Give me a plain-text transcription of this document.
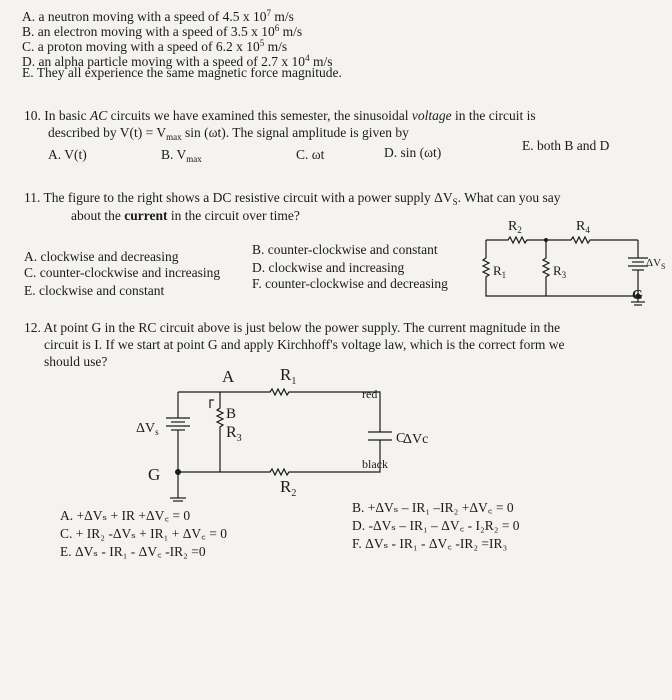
A. a neutron moving with a speed of 4.5 x $10^7$ m/s
B. an electron moving with a speed of 3.5 x $10^6$ m/s
C. a proton moving with a speed of 6.2 x $10^5$ m/s
D. an alpha particle moving with a speed of 2.7 x $10^4$ m/s
E. They all experience the same magnetic force magnitude.
10. In basic AC circuits we have examined this semester, the sinusoidal voltage in the circuit is
described by $V(t) = V_{max}$ sin (ωt). The signal amplitude is given by
A. V(t)	B. $V_{max}$	C. ωt	D. sin (ωt)	E. both B and D
11. The figure to the right shows a DC resistive circuit with a power supply $\Delta V_S$. What can you say
about the current in the circuit over time?
A. clockwise and decreasing	B. counter-clockwise and constant
C. counter-clockwise and increasing D. clockwise and increasing
E. clockwise and constant	F. counter-clockwise and decreasing
$R_2$	$R_4$
$R_1$	$R_3$
$\Delta V_S$
G
12. At point G in the RC circuit above is just below the power supply. The current magnitude in the
circuit is I. If we start at point G and apply Kirchhoff's voltage law, which is the correct form we
should use?
A	$R_1$
red
B
$R_3$
$\Delta V_s$	C
black
G
$R_2$
ΔVc
A. +ΔVₛ + IR +ΔV꜀ = 0
C. + IR₂ -ΔVₛ + IR₁ + ΔV꜀ = 0
E. ΔVₛ - IR₁ - ΔV꜀ -IR₂ =0
B. +ΔVₛ – IR₁ –IR₂ +ΔV꜀ = 0
D. -ΔVₛ – IR₁ – ΔV꜀ - I₂R₂ = 0
F. ΔVₛ - IR₁ - ΔV꜀ -IR₂ =IR₃
